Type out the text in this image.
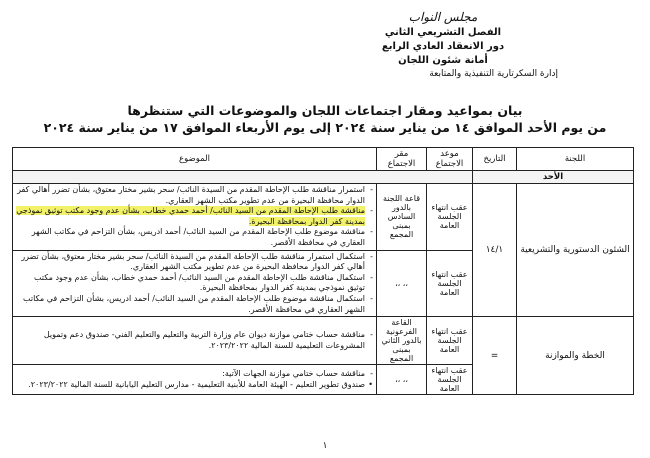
مجلس النواب
الفصل التشريعي الثاني
دور الانعقاد العادي الرابع
أمانة شئون اللجان
إدارة السكرتارية التنفيذية والمتابعة
بيان بمواعيد ومقار اجتماعات اللجان والموضوعات التي ستنظرها
من يوم الأحد الموافق ١٤ من يناير سنة ٢٠٢٤ إلى يوم الأربعاء الموافق ١٧ من يناير سنة ٢٠٢٤
اللجنة	التاريخ	موعد الاجتماع	مقر الاجتماع	الموضوع
الأحد				
الشئون الدستورية والتشريعية	١٤/١	عقب انتهاء الجلسة العامة	قاعة اللجنة بالدور السادس بمبنى المجمع	- استمرار مناقشة طلب الإحاطة المقدم من السيدة النائب/ سحر بشير مختار معتوق، بشأن تضرر أهالي كفر الدوار محافظة البحيرة من عدم تطوير مكتب الشهر العقاري.
- مناقشة طلب الإحاطة المقدم من السيد النائب/ أحمد حمدي خطاب، بشأن عدم وجود مكتب توثيق نموذجي بمدينة كفر الدوار بمحافظة البحيرة.
- مناقشة موضوع طلب الإحاطة المقدم من السيد النائب/ أحمد ادريس، بشأن التزاحم في مكاتب الشهر العقاري في محافظة الأقصر.

		عقب انتهاء الجلسة العامة	،، ،،	- استكمال استمرار مناقشة طلب الإحاطة المقدم من السيدة النائب/ سحر بشير مختار معتوق، بشأن تضرر أهالي كفر الدوار محافظة البحيرة من عدم تطوير مكتب الشهر العقاري.
- استكمال مناقشة طلب الإحاطة المقدم من السيد النائب/ أحمد حمدي خطاب، بشأن عدم وجود مكتب توثيق نموذجي بمدينة كفر الدوار بمحافظة البحيرة.
- استكمال مناقشة موضوع طلب الإحاطة المقدم من السيد النائب/ أحمد ادريس، بشأن التزاحم في مكاتب الشهر العقاري في محافظة الأقصر.

الخطة والموازنة	=	عقب انتهاء الجلسة العامة	القاعة الفرعونية بالدور الثاني بمبنى المجمع	- مناقشة حساب ختامي موازنة ديوان عام وزارة التربية والتعليم والتعليم الفني- صندوق دعم وتمويل المشروعات التعليمية للسنة المالية ٢٠٢٣/٢٠٢٢.

		عقب انتهاء الجلسة العامة	،، ،،	- مناقشة حساب ختامي موازنة الجهات الآتية:
• صندوق تطوير التعليم - الهيئة العامة للأبنية التعليمية - مدارس التعليم اليابانية للسنة المالية ٢٠٢٣/٢٠٢٢.
١
